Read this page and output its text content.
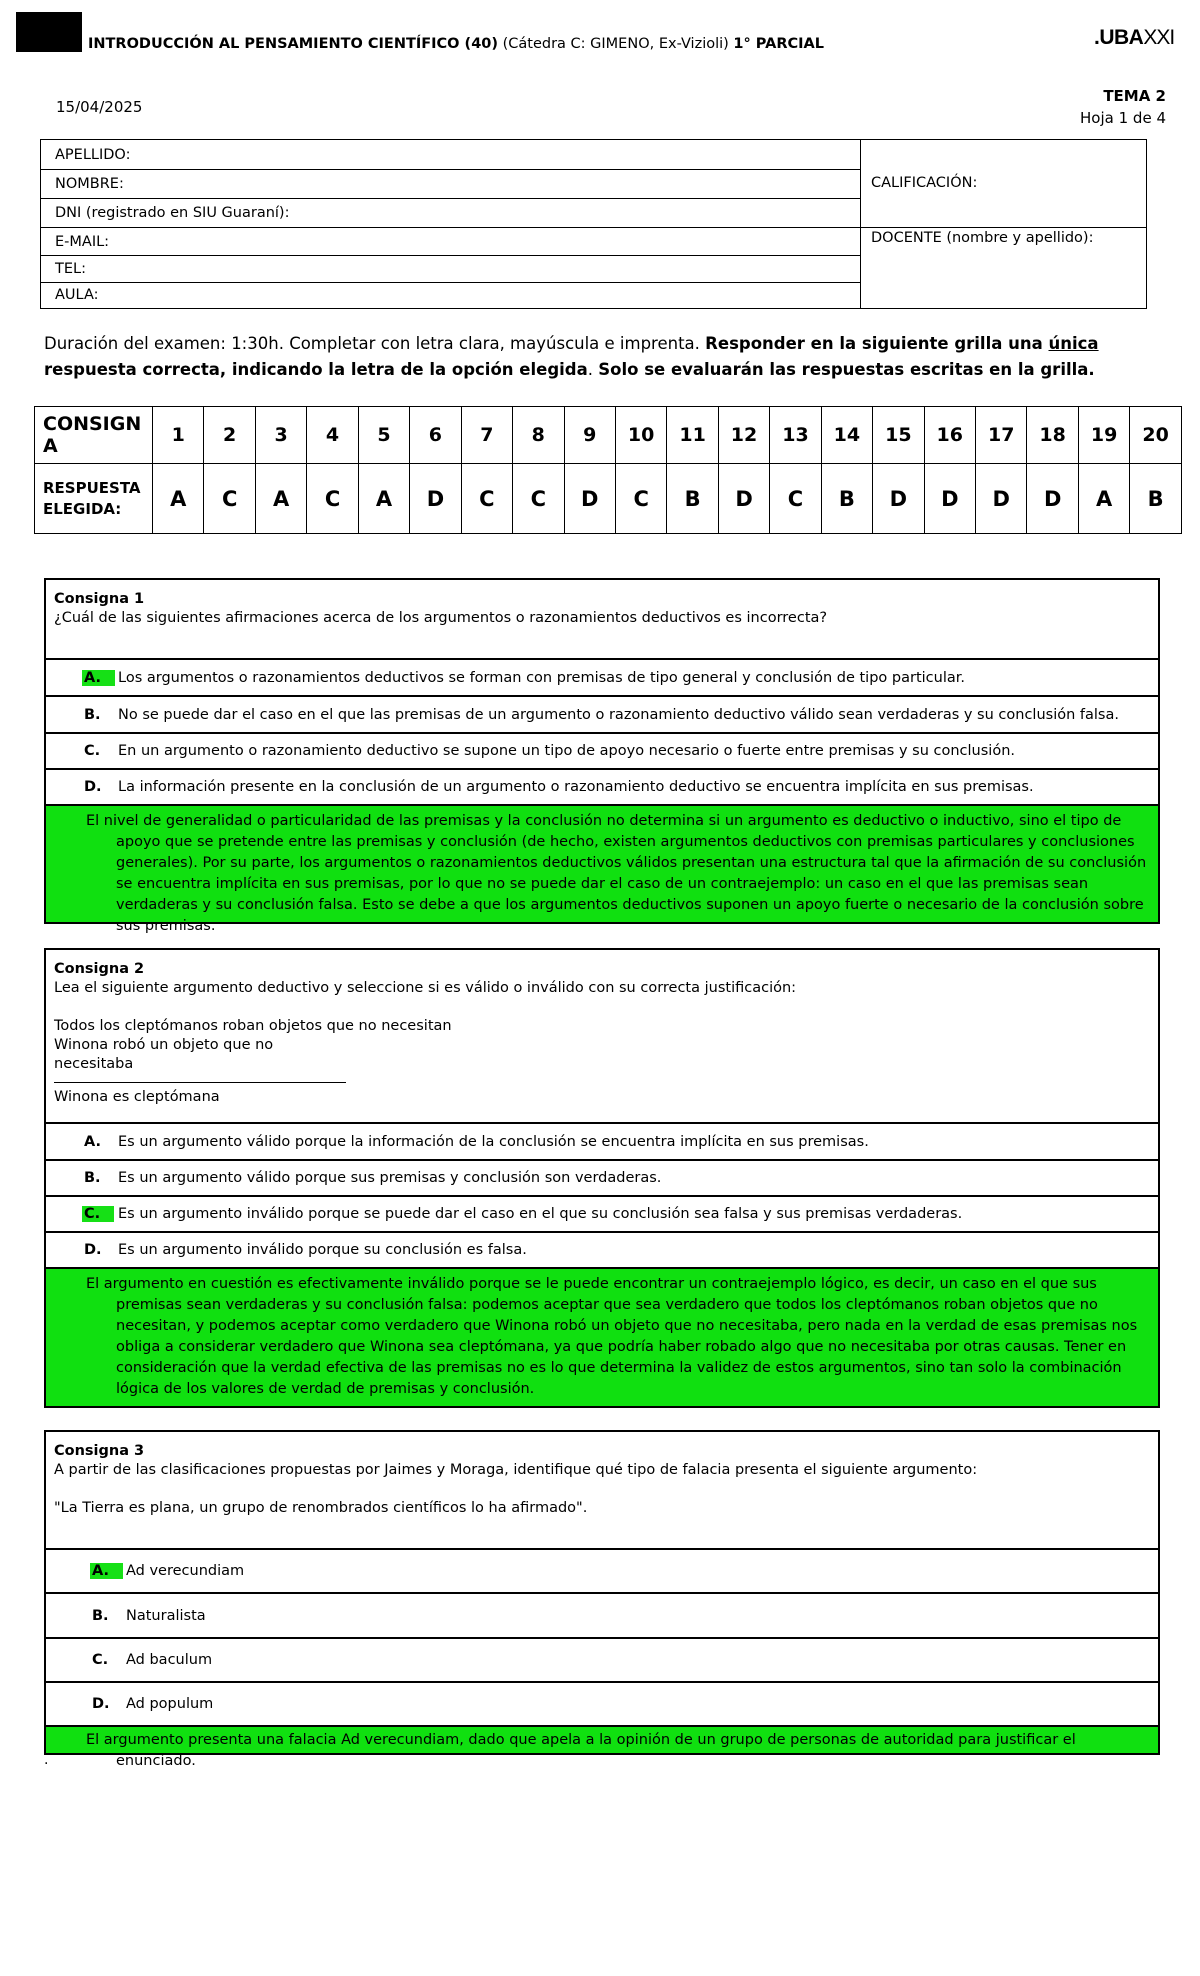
INTRODUCCIÓN AL PENSAMIENTO CIENTÍFICO (40) (Cátedra C: GIMENO, Ex-Vizioli) 1° PARCIAL	.UBAXXI
15/04/2025
TEMA 2
Hoja 1 de 4
APELLIDO:
NOMBRE:
DNI (registrado en SIU Guaraní):
E-MAIL:
TEL:
AULA:
CALIFICACIÓN:
DOCENTE (nombre y apellido):
Duración del examen: 1:30h. Completar con letra clara, mayúscula e imprenta. Responder en la siguiente grilla una única respuesta correcta, indicando la letra de la opción elegida. Solo se evaluarán las respuestas escritas en la grilla.
CONSIGN A	1	2	3	4	5	6	7	8	9	10	11	12	13	14	15	16	17	18	19	20
RESPUESTA ELEGIDA:	A	C	A	C	A	D	C	C	D	C	B	D	C	B	D	D	D	D	A	B
Consigna 1
¿Cuál de las siguientes afirmaciones acerca de los argumentos o razonamientos deductivos es incorrecta?
A.	Los argumentos o razonamientos deductivos se forman con premisas de tipo general y conclusión de tipo particular.
B. No se puede dar el caso en el que las premisas de un argumento o razonamiento deductivo válido sean verdaderas y su conclusión falsa.
C. En un argumento o razonamiento deductivo se supone un tipo de apoyo necesario o fuerte entre premisas y su conclusión.
D. La información presente en la conclusión de un argumento o razonamiento deductivo se encuentra implícita en sus premisas.
El nivel de generalidad o particularidad de las premisas y la conclusión no determina si un argumento es deductivo o inductivo, sino el tipo de apoyo que se pretende entre las premisas y conclusión (de hecho, existen argumentos deductivos con premisas particulares y conclusiones generales). Por su parte, los argumentos o razonamientos deductivos válidos presentan una estructura tal que la afirmación de su conclusión se encuentra implícita en sus premisas, por lo que no se puede dar el caso de un contraejemplo: un caso en el que las premisas sean verdaderas y su conclusión falsa. Esto se debe a que los argumentos deductivos suponen un apoyo fuerte o necesario de la conclusión sobre sus premisas.
Consigna 2
Lea el siguiente argumento deductivo y seleccione si es válido o inválido con su correcta justificación:
Todos los cleptómanos roban objetos que no necesitan
Winona robó un objeto que no necesitaba
Winona es cleptómana
A. Es un argumento válido porque la información de la conclusión se encuentra implícita en sus premisas.
B. Es un argumento válido porque sus premisas y conclusión son verdaderas.
C.	Es un argumento inválido porque se puede dar el caso en el que su conclusión sea falsa y sus premisas verdaderas.
D. Es un argumento inválido porque su conclusión es falsa.
El argumento en cuestión es efectivamente inválido porque se le puede encontrar un contraejemplo lógico, es decir, un caso en el que sus premisas sean verdaderas y su conclusión falsa: podemos aceptar que sea verdadero que todos los cleptómanos roban objetos que no necesitan, y podemos aceptar como verdadero que Winona robó un objeto que no necesitaba, pero nada en la verdad de esas premisas nos obliga a considerar verdadero que Winona sea cleptómana, ya que podría haber robado algo que no necesitaba por otras causas. Tener en consideración que la verdad efectiva de las premisas no es lo que determina la validez de estos argumentos, sino tan solo la combinación lógica de los valores de verdad de premisas y conclusión.
Consigna 3
A partir de las clasificaciones propuestas por Jaimes y Moraga, identifique qué tipo de falacia presenta el siguiente argumento:
"La Tierra es plana, un grupo de renombrados científicos lo ha afirmado".
A.	Ad verecundiam
B. Naturalista
C. Ad baculum
D. Ad populum
El argumento presenta una falacia Ad verecundiam, dado que apela a la opinión de un grupo de personas de autoridad para justificar el enunciado.
.
